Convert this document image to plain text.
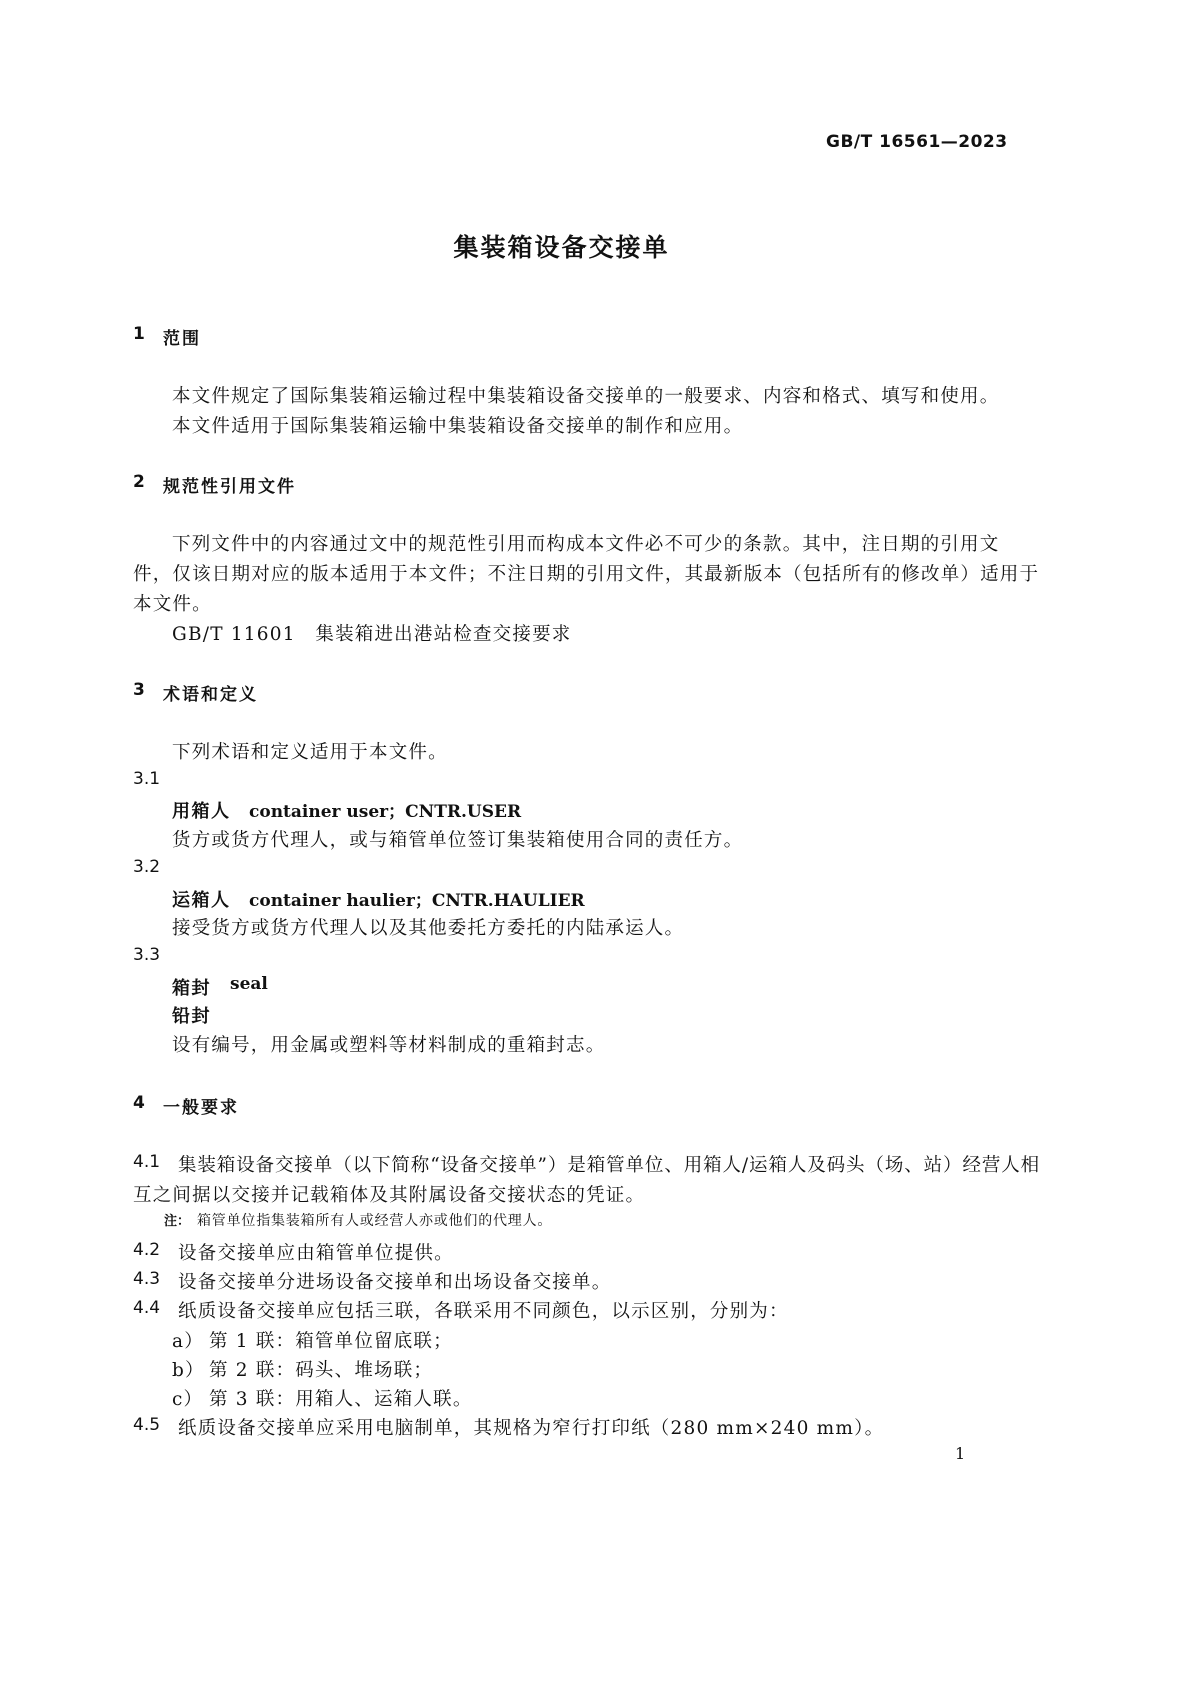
GB/T 16561—2023
集装箱设备交接单
1 范围
本文件规定了国际集装箱运输过程中集装箱设备交接单的一般要求、内容和格式、填写和使用。
本文件适用于国际集装箱运输中集装箱设备交接单的制作和应用。
2 规范性引用文件
下列文件中的内容通过文中的规范性引用而构成本文件必不可少的条款。其中，注日期的引用文
件，仅该日期对应的版本适用于本文件；不注日期的引用文件，其最新版本（包括所有的修改单）适用于
本文件。
GB/T 11601　集装箱进出港站检查交接要求
3 术语和定义
下列术语和定义适用于本文件。
3.1
用箱人 container user；CNTR.USER
货方或货方代理人，或与箱管单位签订集装箱使用合同的责任方。
3.2
运箱人 container haulier；CNTR.HAULIER
接受货方或货方代理人以及其他委托方委托的内陆承运人。
3.3
箱封 seal
铅封
设有编号，用金属或塑料等材料制成的重箱封志。
4 一般要求
4.1 集装箱设备交接单（以下简称“设备交接单”）是箱管单位、用箱人/运箱人及码头（场、站）经营人相
互之间据以交接并记载箱体及其附属设备交接状态的凭证。
注： 箱管单位指集装箱所有人或经营人亦或他们的代理人。
4.2 设备交接单应由箱管单位提供。
4.3 设备交接单分进场设备交接单和出场设备交接单。
4.4 纸质设备交接单应包括三联，各联采用不同颜色，以示区别，分别为：
a） 第 1 联：箱管单位留底联；
b） 第 2 联：码头、堆场联；
c） 第 3 联：用箱人、运箱人联。
4.5 纸质设备交接单应采用电脑制单，其规格为窄行打印纸（280 mm×240 mm）。
1
